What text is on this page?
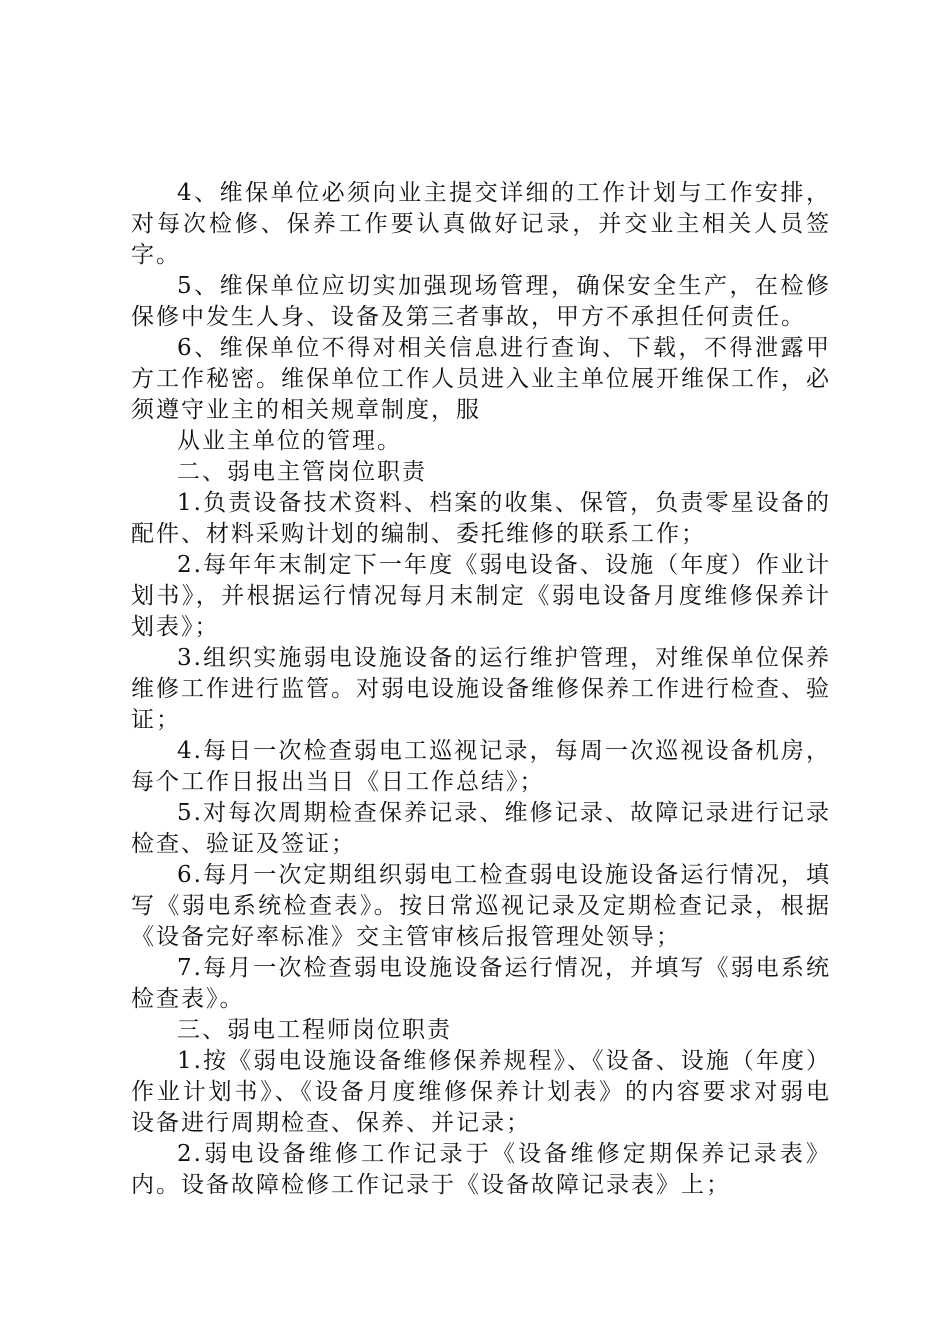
4、维保单位必须向业主提交详细的工作计划与工作安排，对每次检修、保养工作要认真做好记录，并交业主相关人员签字。

5、维保单位应切实加强现场管理，确保安全生产，在检修保修中发生人身、设备及第三者事故，甲方不承担任何责任。

6、维保单位不得对相关信息进行查询、下载，不得泄露甲方工作秘密。维保单位工作人员进入业主单位展开维保工作，必须遵守业主的相关规章制度，服

从业主单位的管理。

二、弱电主管岗位职责

1.负责设备技术资料、档案的收集、保管，负责零星设备的配件、材料采购计划的编制、委托维修的联系工作；

2.每年年末制定下一年度《弱电设备、设施（年度）作业计划书》，并根据运行情况每月末制定《弱电设备月度维修保养计划表》；

3.组织实施弱电设施设备的运行维护管理，对维保单位保养维修工作进行监管。对弱电设施设备维修保养工作进行检查、验证；

4.每日一次检查弱电工巡视记录，每周一次巡视设备机房，每个工作日报出当日《日工作总结》；

5.对每次周期检查保养记录、维修记录、故障记录进行记录检查、验证及签证；

6.每月一次定期组织弱电工检查弱电设施设备运行情况，填写《弱电系统检查表》。按日常巡视记录及定期检查记录，根据《设备完好率标准》交主管审核后报管理处领导；

7.每月一次检查弱电设施设备运行情况，并填写《弱电系统检查表》。

三、弱电工程师岗位职责

1.按《弱电设施设备维修保养规程》、《设备、设施（年度）作业计划书》、《设备月度维修保养计划表》的内容要求对弱电设备进行周期检查、保养、并记录；

2.弱电设备维修工作记录于《设备维修定期保养记录表》内。设备故障检修工作记录于《设备故障记录表》上；
